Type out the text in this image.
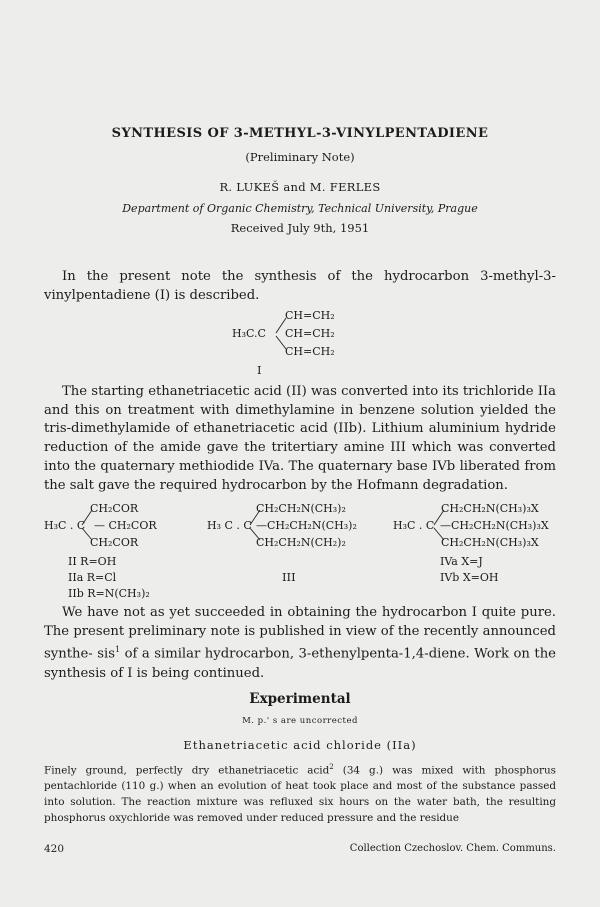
SYNTHESIS OF 3-METHYL-3-VINYLPENTADIENE
(Preliminary Note)
R. LUKEŠ and M. FERLES
Department of Organic Chemistry, Technical University, Prague
Received July 9th, 1951
In the present note the synthesis of the hydrocarbon 3-methyl-3-vinylpentadiene (I) is described.
CH=CH₂
H₃C.C CH=CH₂
CH=CH₂
I
The starting ethanetriacetic acid (II) was converted into its trichloride IIa and this on treatment with dimethylamine in benzene solution yielded the tris-dimethylamide of ethanetriacetic acid (IIb). Lithium aluminium hydride reduction of the amide gave the tritertiary amine III which was converted into the quaternary methiodide IVa. The quaternary base IVb liberated from the salt gave the required hydrocarbon by the Hofmann degradation.
CH₂COR
H₃C . C — CH₂COR
CH₂COR
II R=OH
IIa R=Cl
IIb R=N(CH₃)₂
CH₂CH₂N(CH₃)₂
H₃ C . C —CH₂CH₂N(CH₃)₂
CH₂CH₂N(CH₂)₂
III
CH₂CH₂N(CH₃)₃X
H₃C . C —CH₂CH₂N(CH₃)₃X
CH₂CH₂N(CH₃)₃X
IVa X=J
IVb X=OH
We have not as yet succeeded in obtaining the hydrocarbon I quite pure. The present preliminary note is published in view of the recently announced synthe- sis$^1$ of a similar hydrocarbon, 3-ethenylpenta-1,4-diene. Work on the synthesis of I is being continued.
Experimental
M. p.' s are uncorrected
Ethanetriacetic acid chloride (IIa)
Finely ground, perfectly dry ethanetriacetic acid$^2$ (34 g.) was mixed with phosphorus pentachloride (110 g.) when an evolution of heat took place and most of the substance passed into solution. The reaction mixture was refluxed six hours on the water bath, the resulting phosphorus oxychloride was removed under reduced pressure and the residue
420	Collection Czechoslov. Chem. Communs.
